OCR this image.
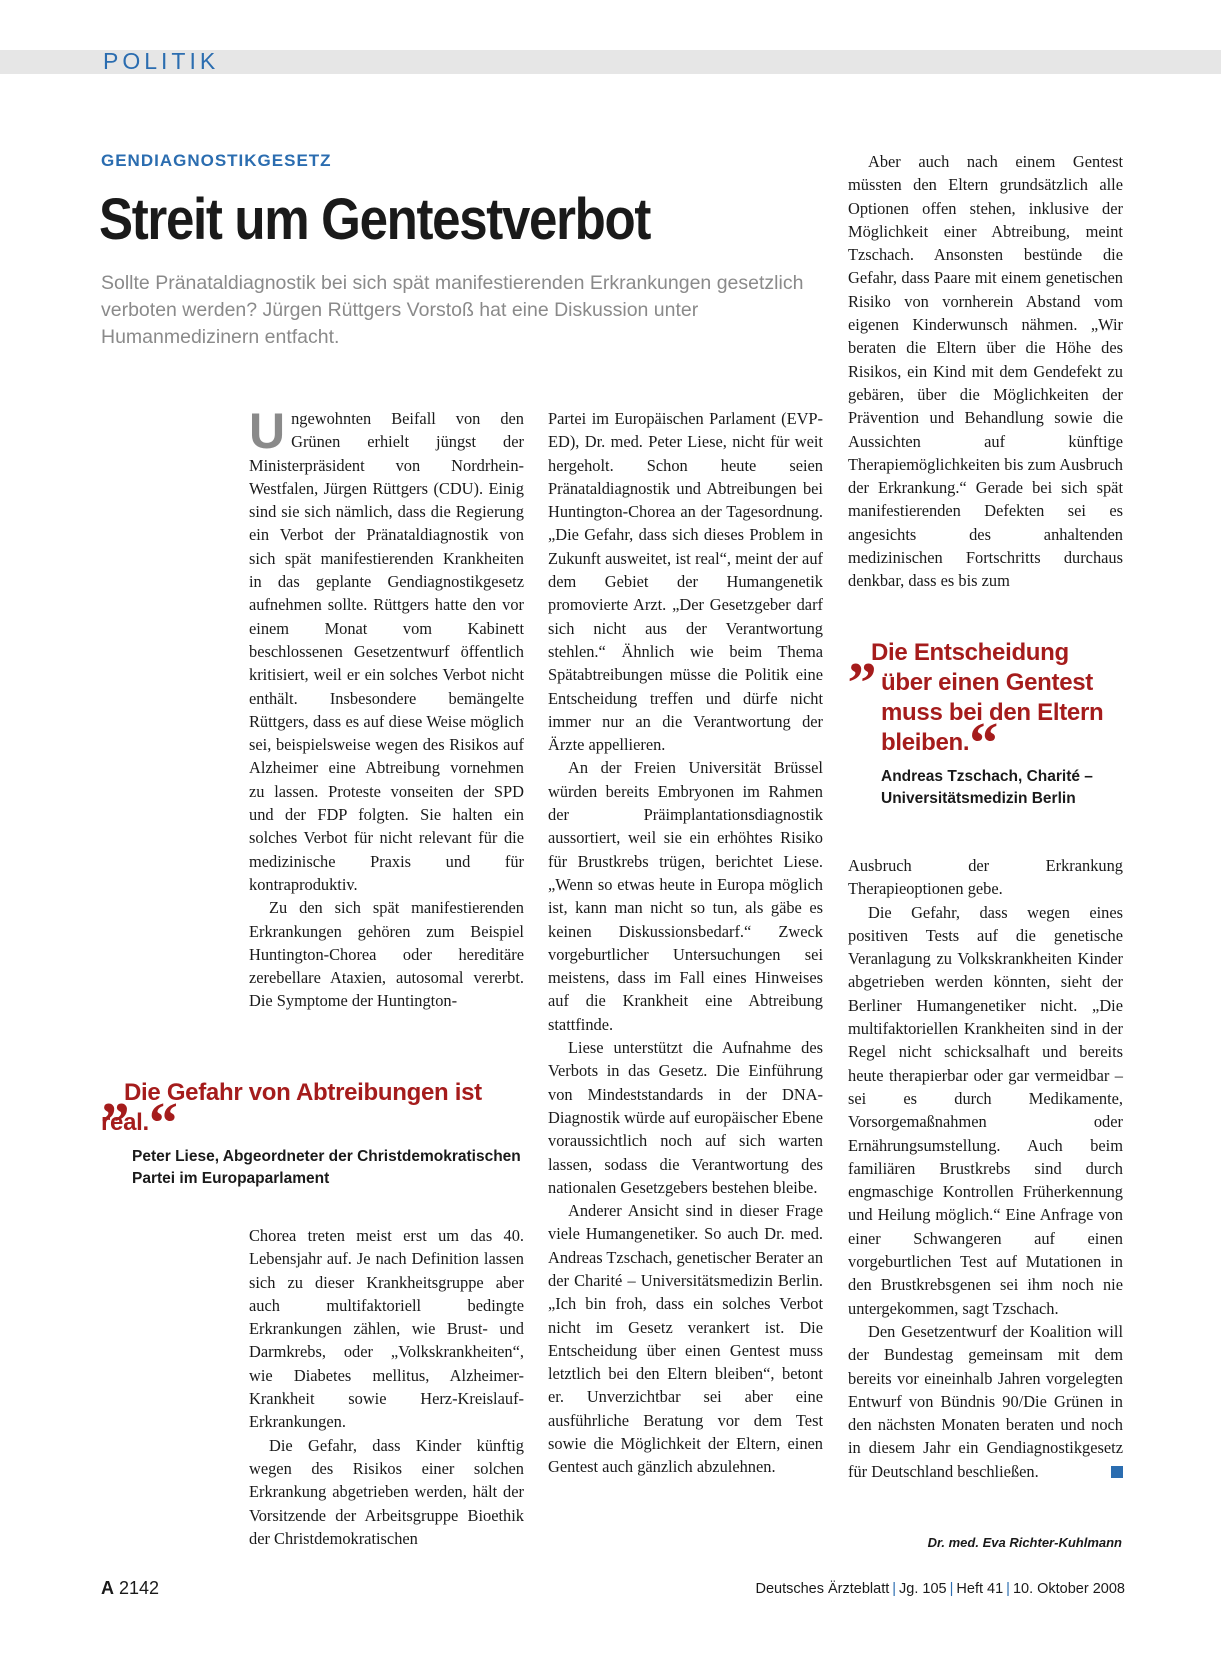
POLITIK
GENDIAGNOSTIKGESETZ
Streit um Gentestverbot
Sollte Pränataldiagnostik bei sich spät manifestierenden Erkrankungen gesetzlich verboten werden? Jürgen Rüttgers Vorstoß hat eine Diskussion unter Humanmedizinern entfacht.

Ungewohnten Beifall von den Grünen erhielt jüngst der Ministerpräsident von Nordrhein-Westfalen, Jürgen Rüttgers (CDU). Einig sind sie sich nämlich, dass die Regierung ein Verbot der Pränataldiagnostik von sich spät manifestierenden Krankheiten in das geplante Gendiagnostikgesetz aufnehmen sollte. Rüttgers hatte den vor einem Monat vom Kabinett beschlossenen Gesetzentwurf öffentlich kritisiert, weil er ein solches Verbot nicht enthält. Insbesondere bemängelte Rüttgers, dass es auf diese Weise möglich sei, beispielsweise wegen des Risikos auf Alzheimer eine Abtreibung vornehmen zu lassen. Proteste vonseiten der SPD und der FDP folgten. Sie halten ein solches Verbot für nicht relevant für die medizinische Praxis und für kontraproduktiv.

Zu den sich spät manifestierenden Erkrankungen gehören zum Beispiel Huntington-Chorea oder hereditäre zerebellare Ataxien, autosomal vererbt. Die Symptome der Huntington-

„Die Gefahr von Abtreibungen ist real.“
Peter Liese, Abgeordneter der Christdemokratischen Partei im Europaparlament

Chorea treten meist erst um das 40. Lebensjahr auf. Je nach Definition lassen sich zu dieser Krankheitsgruppe aber auch multifaktoriell bedingte Erkrankungen zählen, wie Brust- und Darmkrebs, oder „Volkskrankheiten“, wie Diabetes mellitus, Alzheimer-Krankheit sowie Herz-Kreislauf-Erkrankungen.

Die Gefahr, dass Kinder künftig wegen des Risikos einer solchen Erkrankung abgetrieben werden, hält der Vorsitzende der Arbeitsgruppe Bioethik der Christdemokratischen

Partei im Europäischen Parlament (EVP-ED), Dr. med. Peter Liese, nicht für weit hergeholt. Schon heute seien Pränataldiagnostik und Abtreibungen bei Huntington-Chorea an der Tagesordnung. „Die Gefahr, dass sich dieses Problem in Zukunft ausweitet, ist real“, meint der auf dem Gebiet der Humangenetik promovierte Arzt. „Der Gesetzgeber darf sich nicht aus der Verantwortung stehlen.“ Ähnlich wie beim Thema Spätabtreibungen müsse die Politik eine Entscheidung treffen und dürfe nicht immer nur an die Verantwortung der Ärzte appellieren.

An der Freien Universität Brüssel würden bereits Embryonen im Rahmen der Präimplantationsdiagnostik aussortiert, weil sie ein erhöhtes Risiko für Brustkrebs trügen, berichtet Liese. „Wenn so etwas heute in Europa möglich ist, kann man nicht so tun, als gäbe es keinen Diskussionsbedarf.“ Zweck vorgeburtlicher Untersuchungen sei meistens, dass im Fall eines Hinweises auf die Krankheit eine Abtreibung stattfinde.

Liese unterstützt die Aufnahme des Verbots in das Gesetz. Die Einführung von Mindeststandards in der DNA-Diagnostik würde auf europäischer Ebene voraussichtlich noch auf sich warten lassen, sodass die Verantwortung des nationalen Gesetzgebers bestehen bleibe.

Anderer Ansicht sind in dieser Frage viele Humangenetiker. So auch Dr. med. Andreas Tzschach, genetischer Berater an der Charité – Universitätsmedizin Berlin. „Ich bin froh, dass ein solches Verbot nicht im Gesetz verankert ist. Die Entscheidung über einen Gentest muss letztlich bei den Eltern bleiben“, betont er. Unverzichtbar sei aber eine ausführliche Beratung vor dem Test sowie die Möglichkeit der Eltern, einen Gentest auch gänzlich abzulehnen.

Aber auch nach einem Gentest müssten den Eltern grundsätzlich alle Optionen offen stehen, inklusive der Möglichkeit einer Abtreibung, meint Tzschach. Ansonsten bestünde die Gefahr, dass Paare mit einem genetischen Risiko von vornherein Abstand vom eigenen Kinderwunsch nähmen. „Wir beraten die Eltern über die Höhe des Risikos, ein Kind mit dem Gendefekt zu gebären, über die Möglichkeiten der Prävention und Behandlung sowie die Aussichten auf künftige Therapiemöglichkeiten bis zum Ausbruch der Erkrankung.“ Gerade bei sich spät manifestierenden Defekten sei es angesichts des anhaltenden medizinischen Fortschritts durchaus denkbar, dass es bis zum

„Die Entscheidung über einen Gentest muss bei den Eltern bleiben.“
Andreas Tzschach, Charité – Universitätsmedizin Berlin

Ausbruch der Erkrankung Therapieoptionen gebe.

Die Gefahr, dass wegen eines positiven Tests auf die genetische Veranlagung zu Volkskrankheiten Kinder abgetrieben werden könnten, sieht der Berliner Humangenetiker nicht. „Die multifaktoriellen Krankheiten sind in der Regel nicht schicksalhaft und bereits heute therapierbar oder gar vermeidbar – sei es durch Medikamente, Vorsorgemaßnahmen oder Ernährungsumstellung. Auch beim familiären Brustkrebs sind durch engmaschige Kontrollen Früherkennung und Heilung möglich.“ Eine Anfrage von einer Schwangeren auf einen vorgeburtlichen Test auf Mutationen in den Brustkrebsgenen sei ihm noch nie untergekommen, sagt Tzschach.

Den Gesetzentwurf der Koalition will der Bundestag gemeinsam mit dem bereits vor eineinhalb Jahren vorgelegten Entwurf von Bündnis 90/Die Grünen in den nächsten Monaten beraten und noch in diesem Jahr ein Gendiagnostikgesetz für Deutschland beschließen.

Dr. med. Eva Richter-Kuhlmann
A 2142	Deutsches Ärzteblatt | Jg. 105 | Heft 41 | 10. Oktober 2008
